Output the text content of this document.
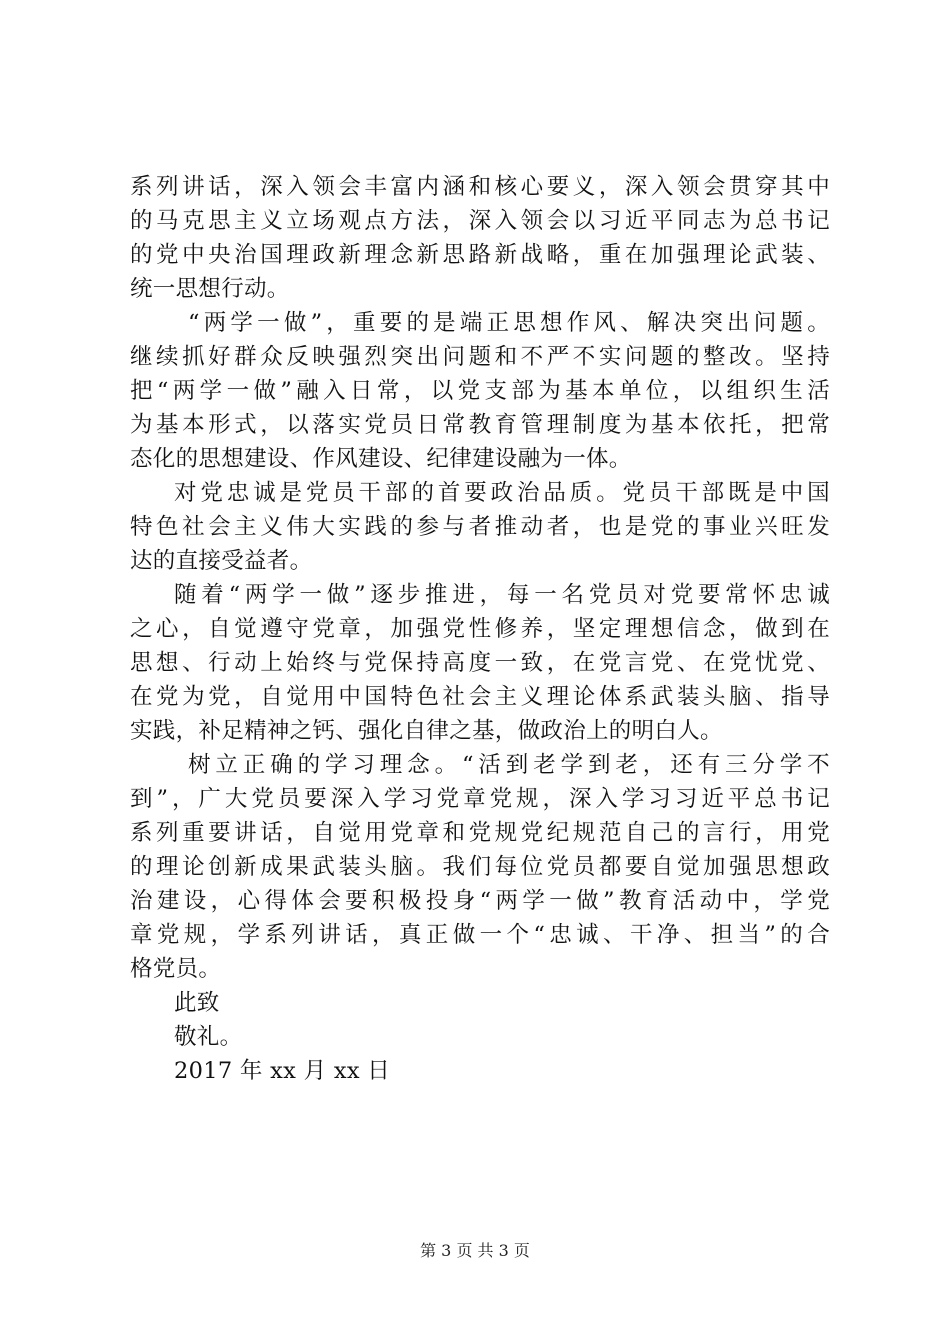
系列讲话，深入领会丰富内涵和核心要义，深入领会贯穿其中
的马克思主义立场观点方法，深入领会以习近平同志为总书记
的党中央治国理政新理念新思路新战略，重在加强理论武装、
统一思想行动。
“两学一做”，重要的是端正思想作风、解决突出问题。
继续抓好群众反映强烈突出问题和不严不实问题的整改。坚持
把“两学一做”融入日常，以党支部为基本单位，以组织生活
为基本形式，以落实党员日常教育管理制度为基本依托，把常
态化的思想建设、作风建设、纪律建设融为一体。
对党忠诚是党员干部的首要政治品质。党员干部既是中国
特色社会主义伟大实践的参与者推动者，也是党的事业兴旺发
达的直接受益者。
随着“两学一做”逐步推进，每一名党员对党要常怀忠诚
之心，自觉遵守党章，加强党性修养，坚定理想信念，做到在
思想、行动上始终与党保持高度一致，在党言党、在党忧党、
在党为党，自觉用中国特色社会主义理论体系武装头脑、指导
实践，补足精神之钙、强化自律之基，做政治上的明白人。
树立正确的学习理念。“活到老学到老，还有三分学不
到”，广大党员要深入学习党章党规，深入学习习近平总书记
系列重要讲话，自觉用党章和党规党纪规范自己的言行，用党
的理论创新成果武装头脑。我们每位党员都要自觉加强思想政
治建设，心得体会要积极投身“两学一做”教育活动中，学党
章党规，学系列讲话，真正做一个“忠诚、干净、担当”的合
格党员。
此致
敬礼。
2017 年 xx 月 xx 日
第 3 页 共 3 页
